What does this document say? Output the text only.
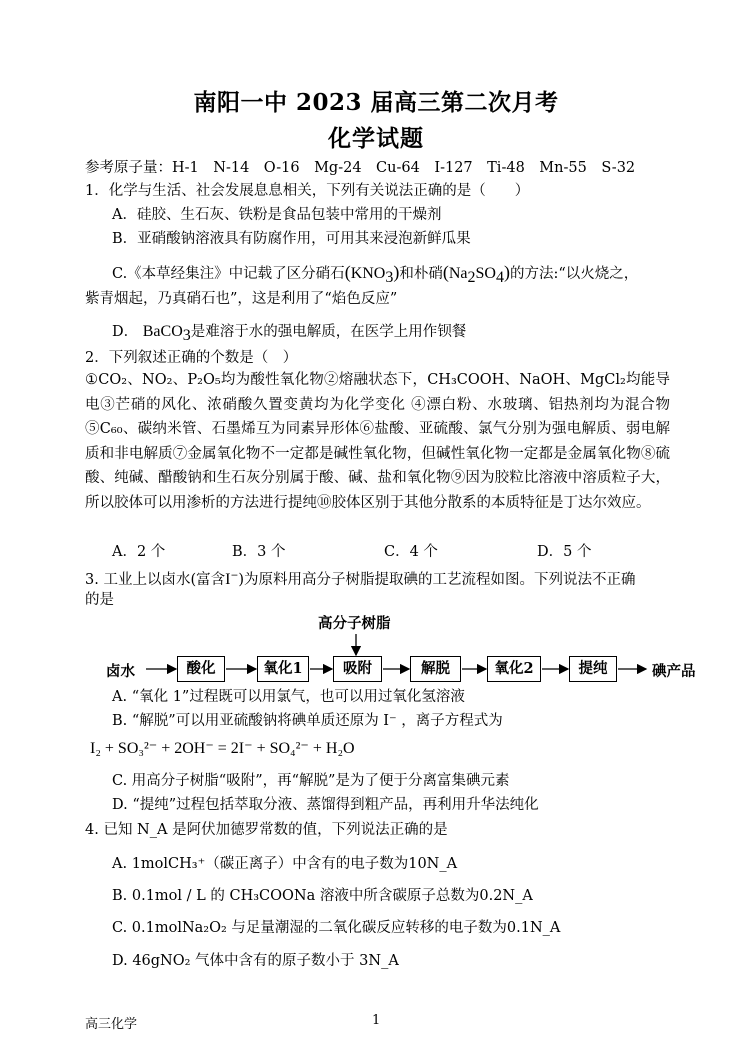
南阳一中 2023 届高三第二次月考
化学试题
参考原子量：H-1　N-14　O-16　Mg-24　Cu-64　I-127　Ti-48　Mn-55　S-32
1．化学与生活、社会发展息息相关，下列有关说法正确的是（　　）
A．硅胶、生石灰、铁粉是食品包装中常用的干燥剂
B．亚硝酸钠溶液具有防腐作用，可用其来浸泡新鲜瓜果
C.《本草经集注》中记载了区分硝石$(KNO_3)$和朴硝$(Na_2SO_4)$的方法:“以火烧之，
紫青烟起，乃真硝石也”，这是利用了“焰色反应”
D． BaCO$_3$是难溶于水的强电解质，在医学上用作钡餐
2．下列叙述正确的个数是（　）
①CO₂、NO₂、P₂O₅均为酸性氧化物②熔融状态下，CH₃COOH、NaOH、MgCl₂均能导电③芒硝的风化、浓硝酸久置变黄均为化学变化 ④漂白粉、水玻璃、铝热剂均为混合物⑤C₆₀、碳纳米管、石墨烯互为同素异形体⑥盐酸、亚硫酸、氯气分别为强电解质、弱电解质和非电解质⑦金属氧化物不一定都是碱性氧化物，但碱性氧化物一定都是金属氧化物⑧硫酸、纯碱、醋酸钠和生石灰分别属于酸、碱、盐和氧化物⑨因为胶粒比溶液中溶质粒子大，所以胶体可以用渗析的方法进行提纯⑩胶体区别于其他分散系的本质特征是丁达尔效应。
A．2 个	B．3 个	C．4 个	D．5 个
3. 工业上以卤水(富含I−)为原料用高分子树脂提取碘的工艺流程如图。下列说法不正确
的是
高分子树脂
卤水	酸化	氧化1	吸附	解脱	氧化2	提纯	碘产品
A. “氧化 1”过程既可以用氯气，也可以用过氧化氢溶液
B. “解脱”可以用亚硫酸钠将碘单质还原为 I⁻ ，离子方程式为
I₂ + SO₃²⁻ + 2OH⁻ = 2I⁻ + SO₄²⁻ + H₂O
C. 用高分子树脂“吸附”，再“解脱”是为了便于分离富集碘元素
D. “提纯”过程包括萃取分液、蒸馏得到粗产品，再利用升华法纯化
4. 已知 N_A 是阿伏加德罗常数的值，下列说法正确的是
A. 1molCH₃⁺（碳正离子）中含有的电子数为10N_A
B. 0.1mol / L 的 CH₃COONa 溶液中所含碳原子总数为0.2N_A
C. 0.1molNa₂O₂ 与足量潮湿的二氧化碳反应转移的电子数为0.1N_A
D. 46gNO₂ 气体中含有的原子数小于 3N_A
高三化学	1
